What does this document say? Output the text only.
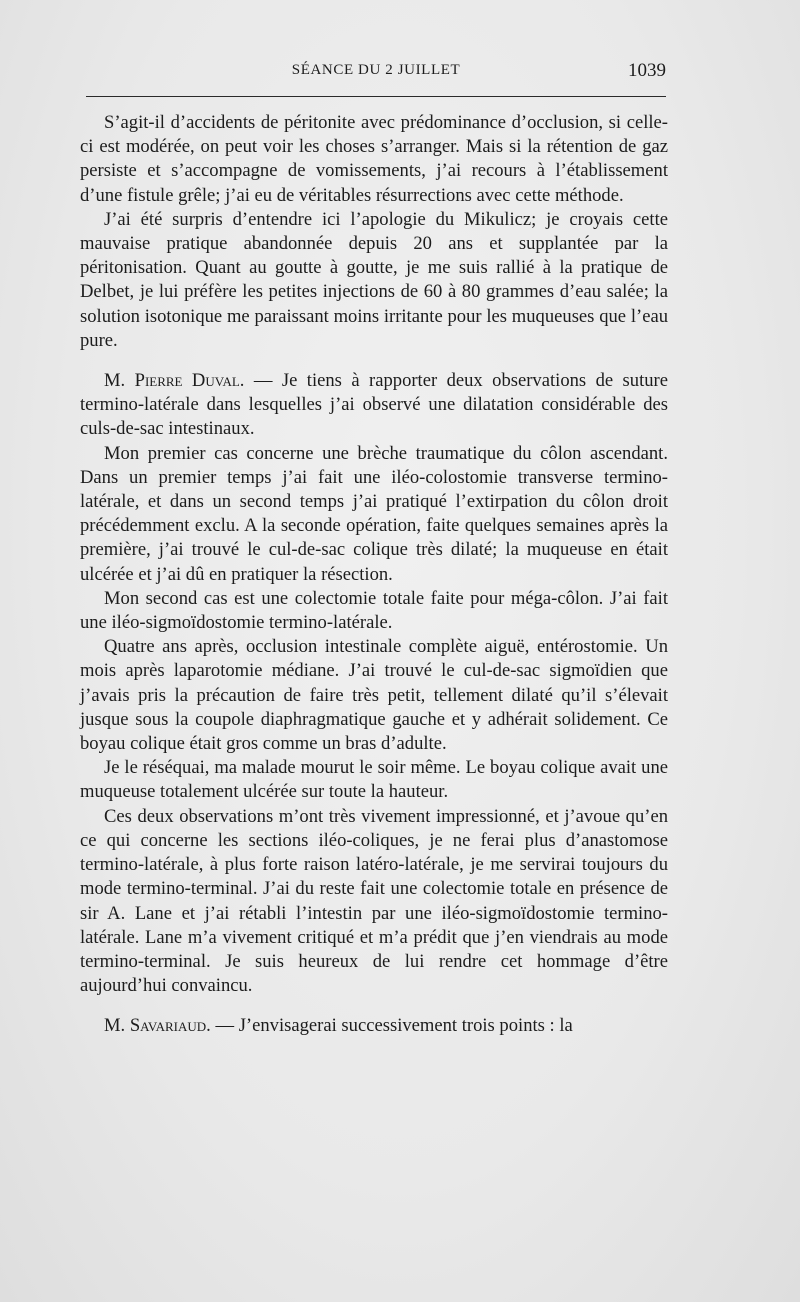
SÉANCE DU 2 JUILLET	1039

S’agit-il d’accidents de péritonite avec prédominance d’occlusion, si celle-ci est modérée, on peut voir les choses s’arranger. Mais si la rétention de gaz persiste et s’accompagne de vomissements, j’ai recours à l’établissement d’une fistule grêle; j’ai eu de véritables résurrections avec cette méthode.

J’ai été surpris d’entendre ici l’apologie du Mikulicz; je croyais cette mauvaise pratique abandonnée depuis 20 ans et supplantée par la péritonisation. Quant au goutte à goutte, je me suis rallié à la pratique de Delbet, je lui préfère les petites injections de 60 à 80 grammes d’eau salée; la solution isotonique me paraissant moins irritante pour les muqueuses que l’eau pure.

M. Pierre Duval. — Je tiens à rapporter deux observations de suture termino-latérale dans lesquelles j’ai observé une dilatation considérable des culs-de-sac intestinaux.

Mon premier cas concerne une brèche traumatique du côlon ascendant. Dans un premier temps j’ai fait une iléo-colostomie transverse termino-latérale, et dans un second temps j’ai pratiqué l’extirpation du côlon droit précédemment exclu. A la seconde opération, faite quelques semaines après la première, j’ai trouvé le cul-de-sac colique très dilaté; la muqueuse en était ulcérée et j’ai dû en pratiquer la résection.

Mon second cas est une colectomie totale faite pour méga-côlon. J’ai fait une iléo-sigmoïdostomie termino-latérale.

Quatre ans après, occlusion intestinale complète aiguë, entérostomie. Un mois après laparotomie médiane. J’ai trouvé le cul-de-sac sigmoïdien que j’avais pris la précaution de faire très petit, tellement dilaté qu’il s’élevait jusque sous la coupole diaphragmatique gauche et y adhérait solidement. Ce boyau colique était gros comme un bras d’adulte.

Je le réséquai, ma malade mourut le soir même. Le boyau colique avait une muqueuse totalement ulcérée sur toute la hauteur.

Ces deux observations m’ont très vivement impressionné, et j’avoue qu’en ce qui concerne les sections iléo-coliques, je ne ferai plus d’anastomose termino-latérale, à plus forte raison latéro-latérale, je me servirai toujours du mode termino-terminal. J’ai du reste fait une colectomie totale en présence de sir A. Lane et j’ai rétabli l’intestin par une iléo-sigmoïdostomie termino-latérale. Lane m’a vivement critiqué et m’a prédit que j’en viendrais au mode termino-terminal. Je suis heureux de lui rendre cet hommage d’être aujourd’hui convaincu.

M. Savariaud. — J’envisagerai successivement trois points : la
